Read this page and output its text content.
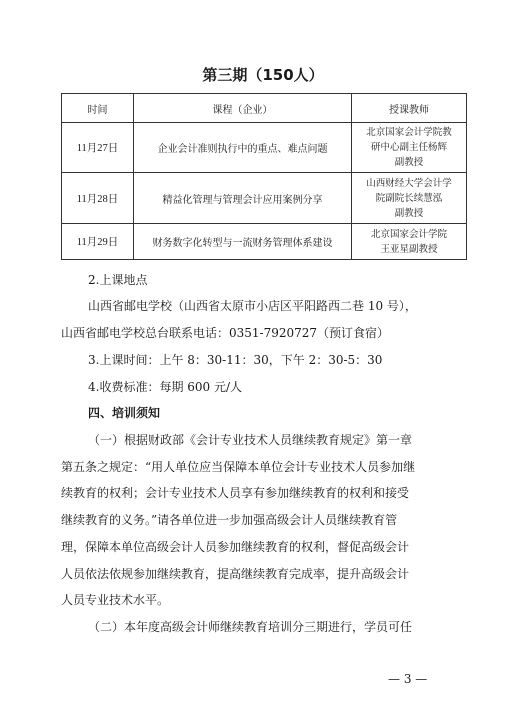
第三期（150人）
时间	课程（企业）	授课教师
11月27日	企业会计准则执行中的重点、难点问题	北京国家会计学院教
研中心副主任杨辉
副教授

11月28日	精益化管理与管理会计应用案例分享	山西财经大学会计学
院副院长续慧泓
副教授

11月29日	财务数字化转型与一流财务管理体系建设	北京国家会计学院
王亚星副教授
2.上课地点
山西省邮电学校（山西省太原市小店区平阳路西二巷 10 号），
山西省邮电学校总台联系电话：0351-7920727（预订食宿）
3.上课时间：上午 8：30-11：30，下午 2：30-5：30
4.收费标准：每期 600 元/人
四、培训须知
（一）根据财政部《会计专业技术人员继续教育规定》第一章
第五条之规定：“用人单位应当保障本单位会计专业技术人员参加继
续教育的权利；会计专业技术人员享有参加继续教育的权利和接受
继续教育的义务。”请各单位进一步加强高级会计人员继续教育管
理，保障本单位高级会计人员参加继续教育的权利，督促高级会计
人员依法依规参加继续教育，提高继续教育完成率，提升高级会计
人员专业技术水平。
（二）本年度高级会计师继续教育培训分三期进行，学员可任
— 3 —
